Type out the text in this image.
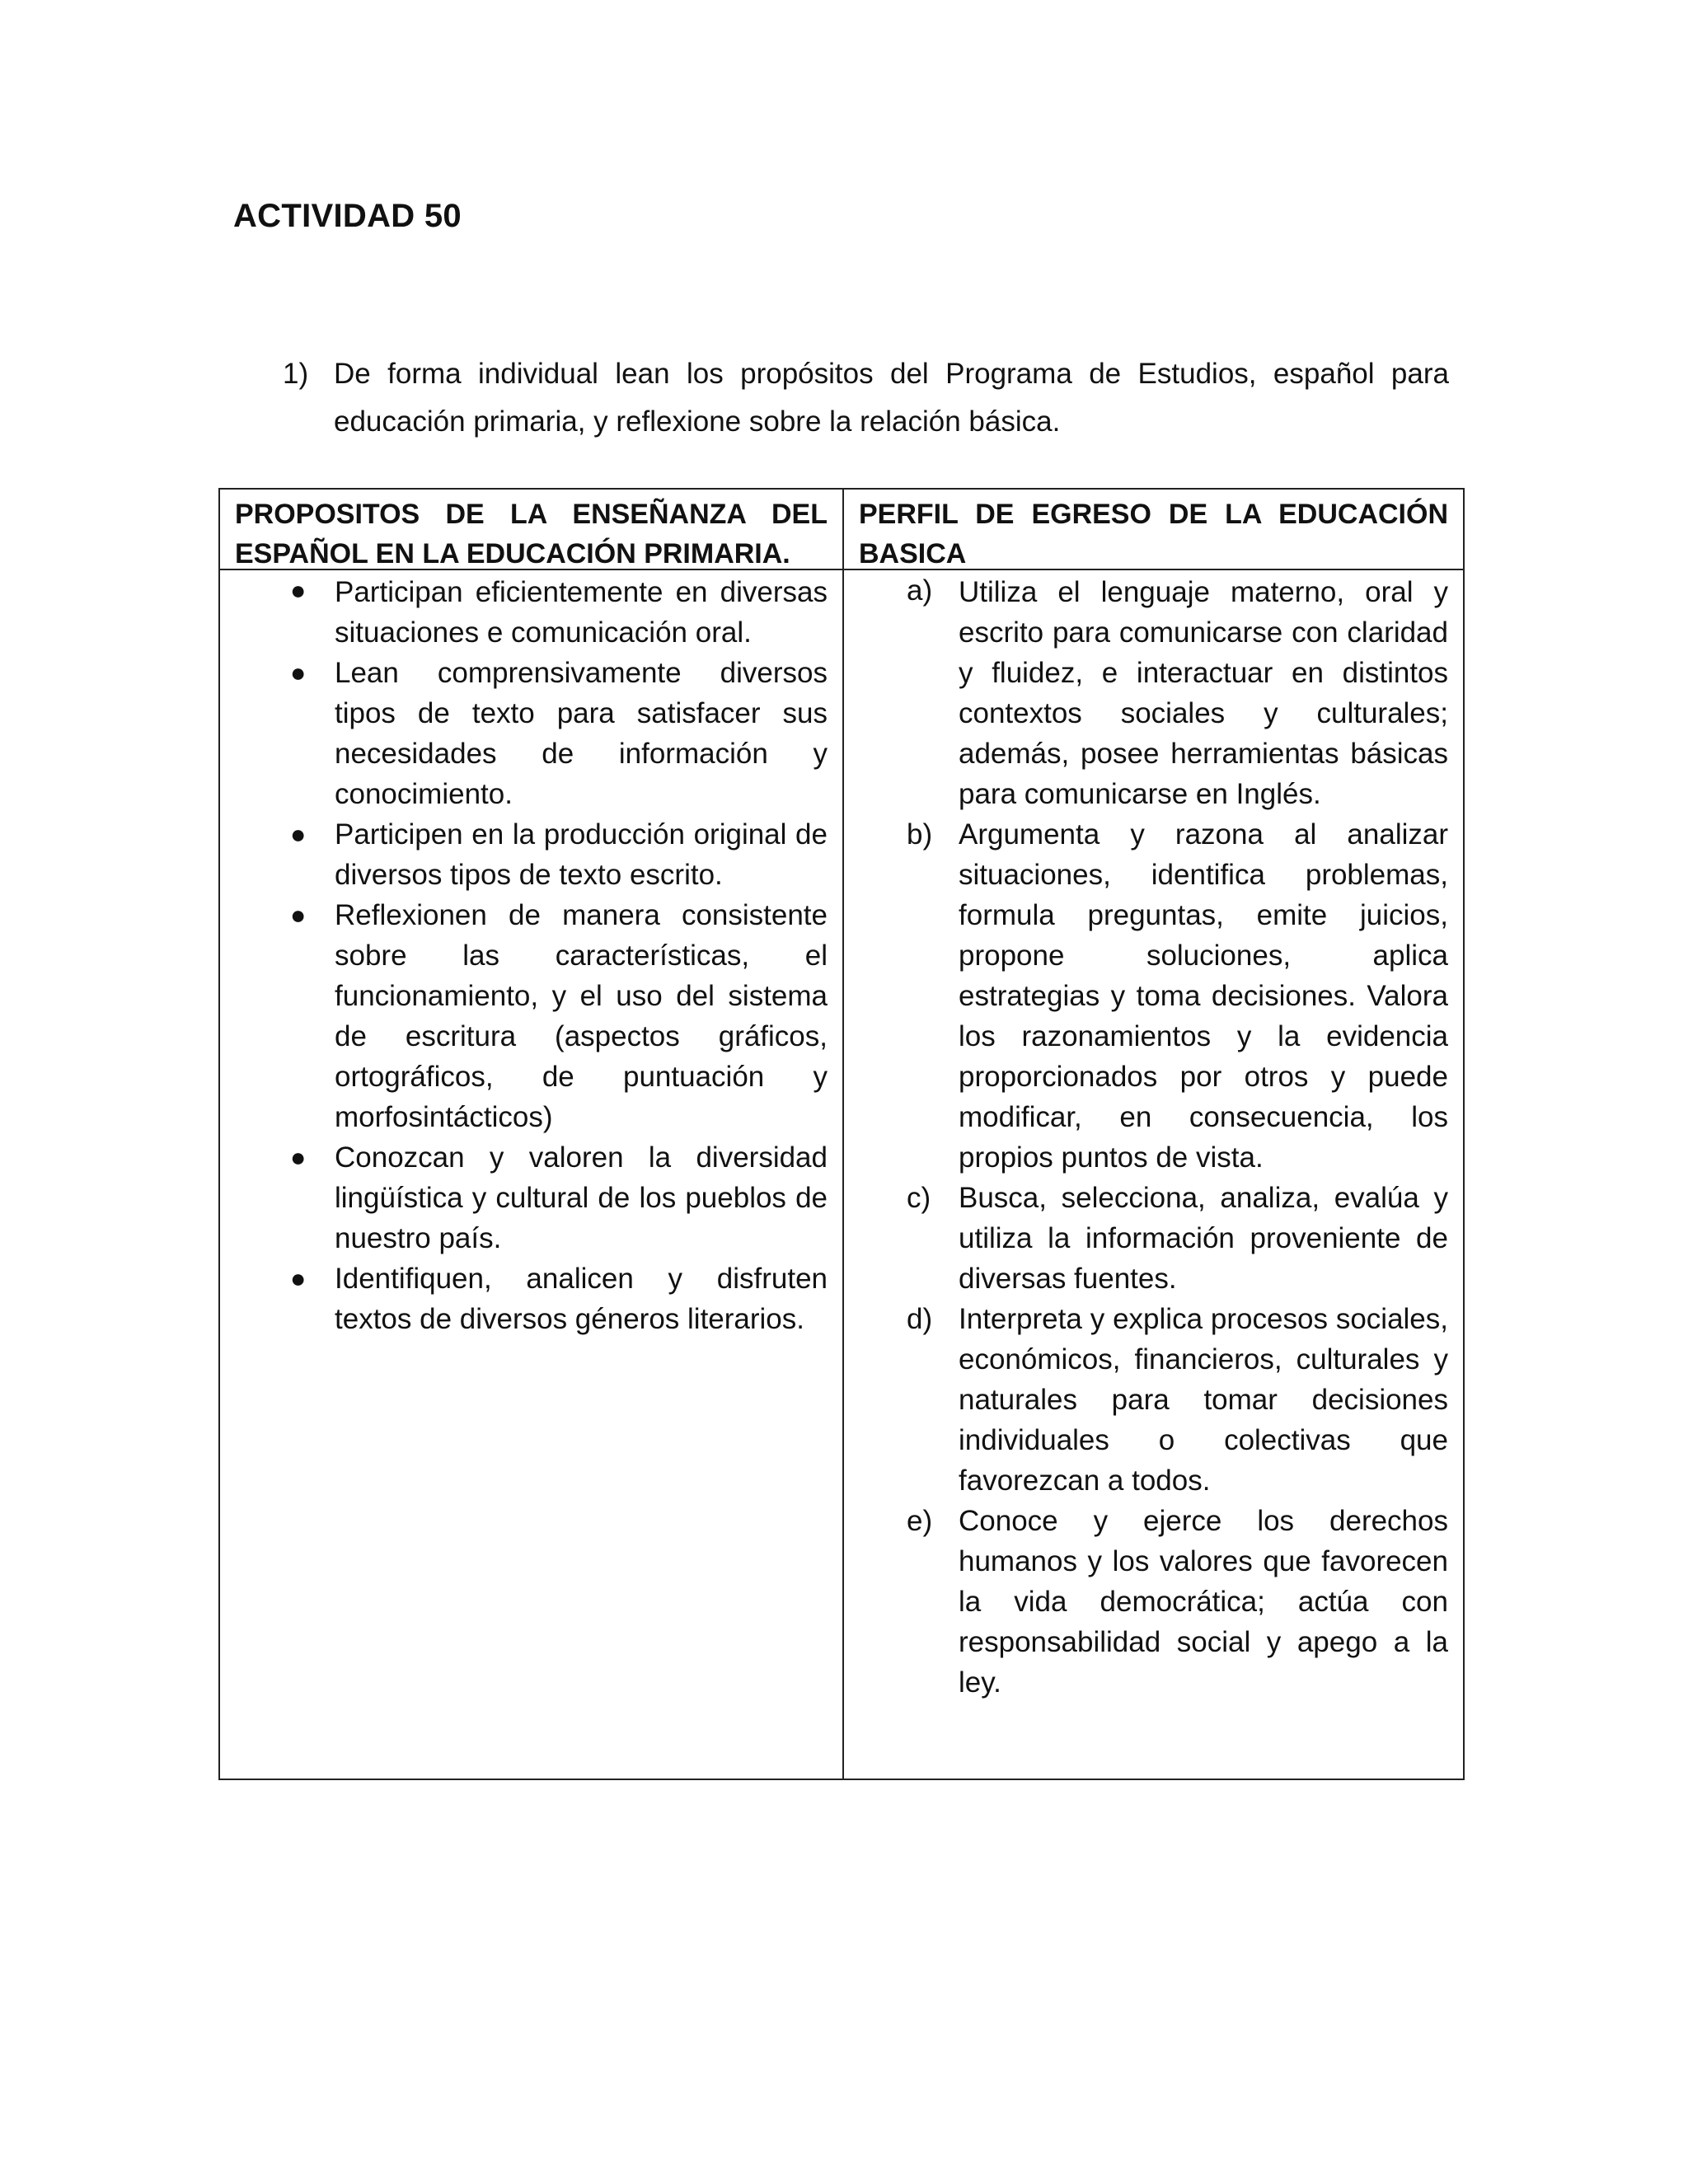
ACTIVIDAD 50
1) De forma individual lean los propósitos del Programa de Estudios, español para educación primaria, y reflexione sobre la relación básica.
PROPOSITOS DE LA ENSEÑANZA DEL ESPAÑOL EN LA EDUCACIÓN PRIMARIA.
● Participan eficientemente en diversas situaciones e comunicación oral.
● Lean comprensivamente diversos tipos de texto para satisfacer sus necesidades de información y conocimiento.
● Participen en la producción original de diversos tipos de texto escrito.
● Reflexionen de manera consistente sobre las características, el funcionamiento, y el uso del sistema de escritura (aspectos gráficos, ortográficos, de puntuación y morfosintácticos)
● Conozcan y valoren la diversidad lingüística y cultural de los pueblos de nuestro país.
● Identifiquen, analicen y disfruten textos de diversos géneros literarios.
PERFIL DE EGRESO DE LA EDUCACIÓN BASICA
a) Utiliza el lenguaje materno, oral y escrito para comunicarse con claridad y fluidez, e interactuar en distintos contextos sociales y culturales; además, posee herramientas básicas para comunicarse en Inglés.
b) Argumenta y razona al analizar situaciones, identifica problemas, formula preguntas, emite juicios, propone soluciones, aplica estrategias y toma decisiones. Valora los razonamientos y la evidencia proporcionados por otros y puede modificar, en consecuencia, los propios puntos de vista.
c) Busca, selecciona, analiza, evalúa y utiliza la información proveniente de diversas fuentes.
d) Interpreta y explica procesos sociales, económicos, financieros, culturales y naturales para tomar decisiones individuales o colectivas que favorezcan a todos.
e) Conoce y ejerce los derechos humanos y los valores que favorecen la vida democrática; actúa con responsabilidad social y apego a la ley.
